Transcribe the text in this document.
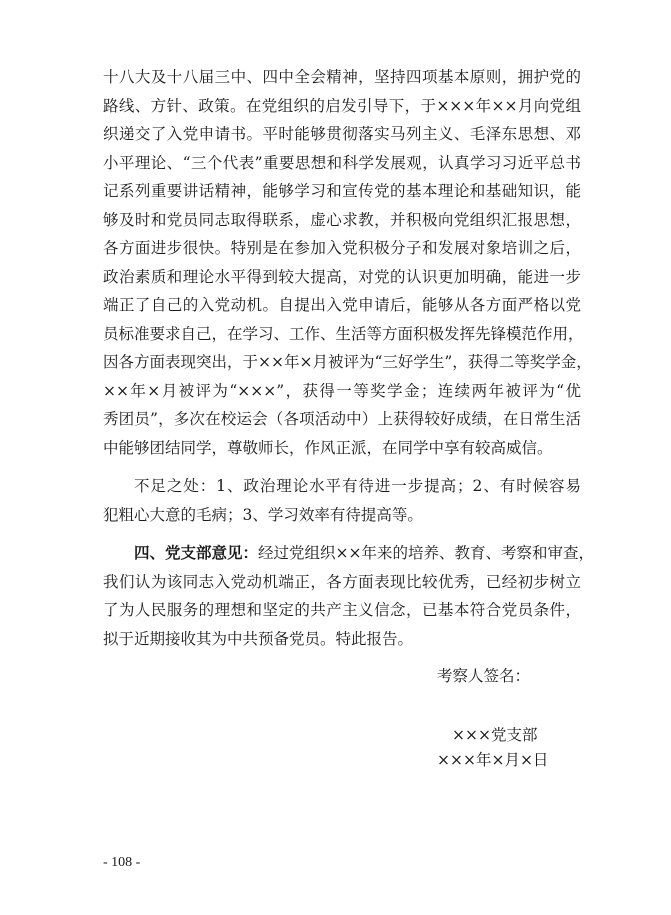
十八大及十八届三中、四中全会精神，坚持四项基本原则，拥护党的
路线、方针、政策。在党组织的启发引导下，于×××年××月向党组
织递交了入党申请书。平时能够贯彻落实马列主义、毛泽东思想、邓
小平理论、“三个代表”重要思想和科学发展观，认真学习习近平总书
记系列重要讲话精神，能够学习和宣传党的基本理论和基础知识，能
够及时和党员同志取得联系，虚心求教，并积极向党组织汇报思想，
各方面进步很快。特别是在参加入党积极分子和发展对象培训之后，
政治素质和理论水平得到较大提高，对党的认识更加明确，能进一步
端正了自己的入党动机。自提出入党申请后，能够从各方面严格以党
员标准要求自己，在学习、工作、生活等方面积极发挥先锋模范作用，
因各方面表现突出，于××年×月被评为“三好学生”，获得二等奖学金，
××年×月被评为“×××”，获得一等奖学金；连续两年被评为“优
秀团员”，多次在校运会（各项活动中）上获得较好成绩，在日常生活
中能够团结同学，尊敬师长，作风正派，在同学中享有较高威信。
不足之处：1、政治理论水平有待进一步提高；2、有时候容易
犯粗心大意的毛病；3、学习效率有待提高等。
四、党支部意见：经过党组织××年来的培养、教育、考察和审查，
我们认为该同志入党动机端正，各方面表现比较优秀，已经初步树立
了为人民服务的理想和坚定的共产主义信念，已基本符合党员条件，
拟于近期接收其为中共预备党员。特此报告。
考察人签名：
×××党支部
×××年×月×日
- 108 -
